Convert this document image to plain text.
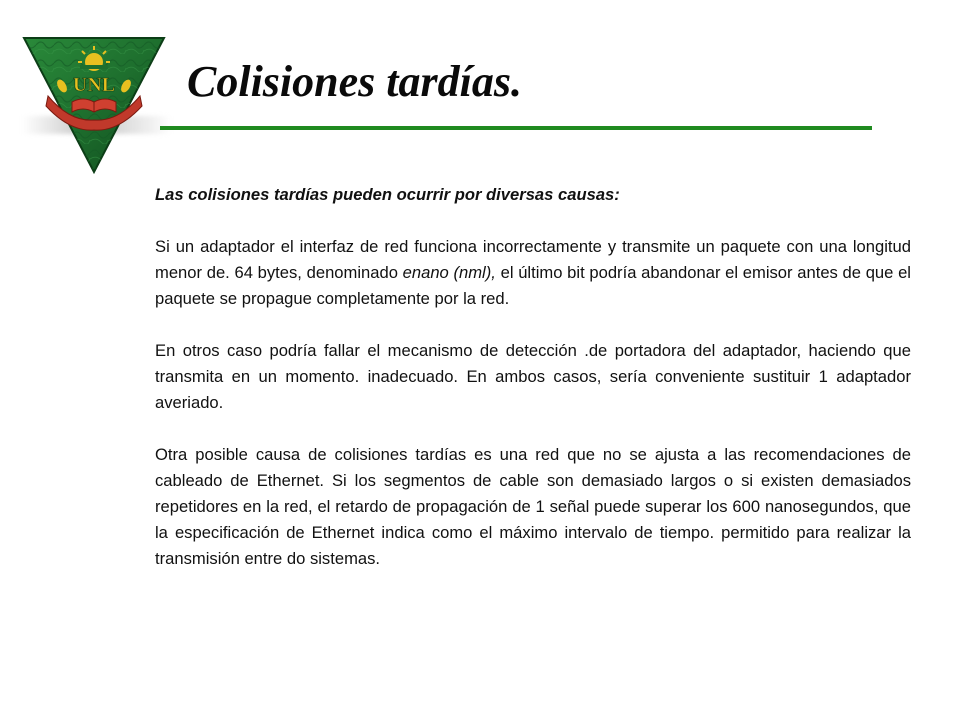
UNL Colisiones tardías.

Las colisiones tardías pueden ocurrir por diversas causas:

Si un adaptador el interfaz de red funciona incorrectamente y transmite un paquete con una longitud menor de. 64 bytes, denominado enano (nml), el último bit podría abandonar el emisor antes de que el paquete se propague completamente por la red.

En otros caso podría fallar el mecanismo de detección .de portadora del adaptador, haciendo que transmita en un momento. inadecuado. En ambos casos, sería conveniente sustituir 1 adaptador averiado.

Otra posible causa de colisiones tardías es una red que no se ajusta a las recomendaciones de cableado de Ethernet. Si los segmentos de cable son demasiado largos o si existen demasiados repetidores en la red, el retardo de propagación de 1 señal puede superar los 600 nanosegundos, que la especificación de Ethernet indica como el máximo intervalo de tiempo. permitido para realizar la transmisión entre do sistemas.
